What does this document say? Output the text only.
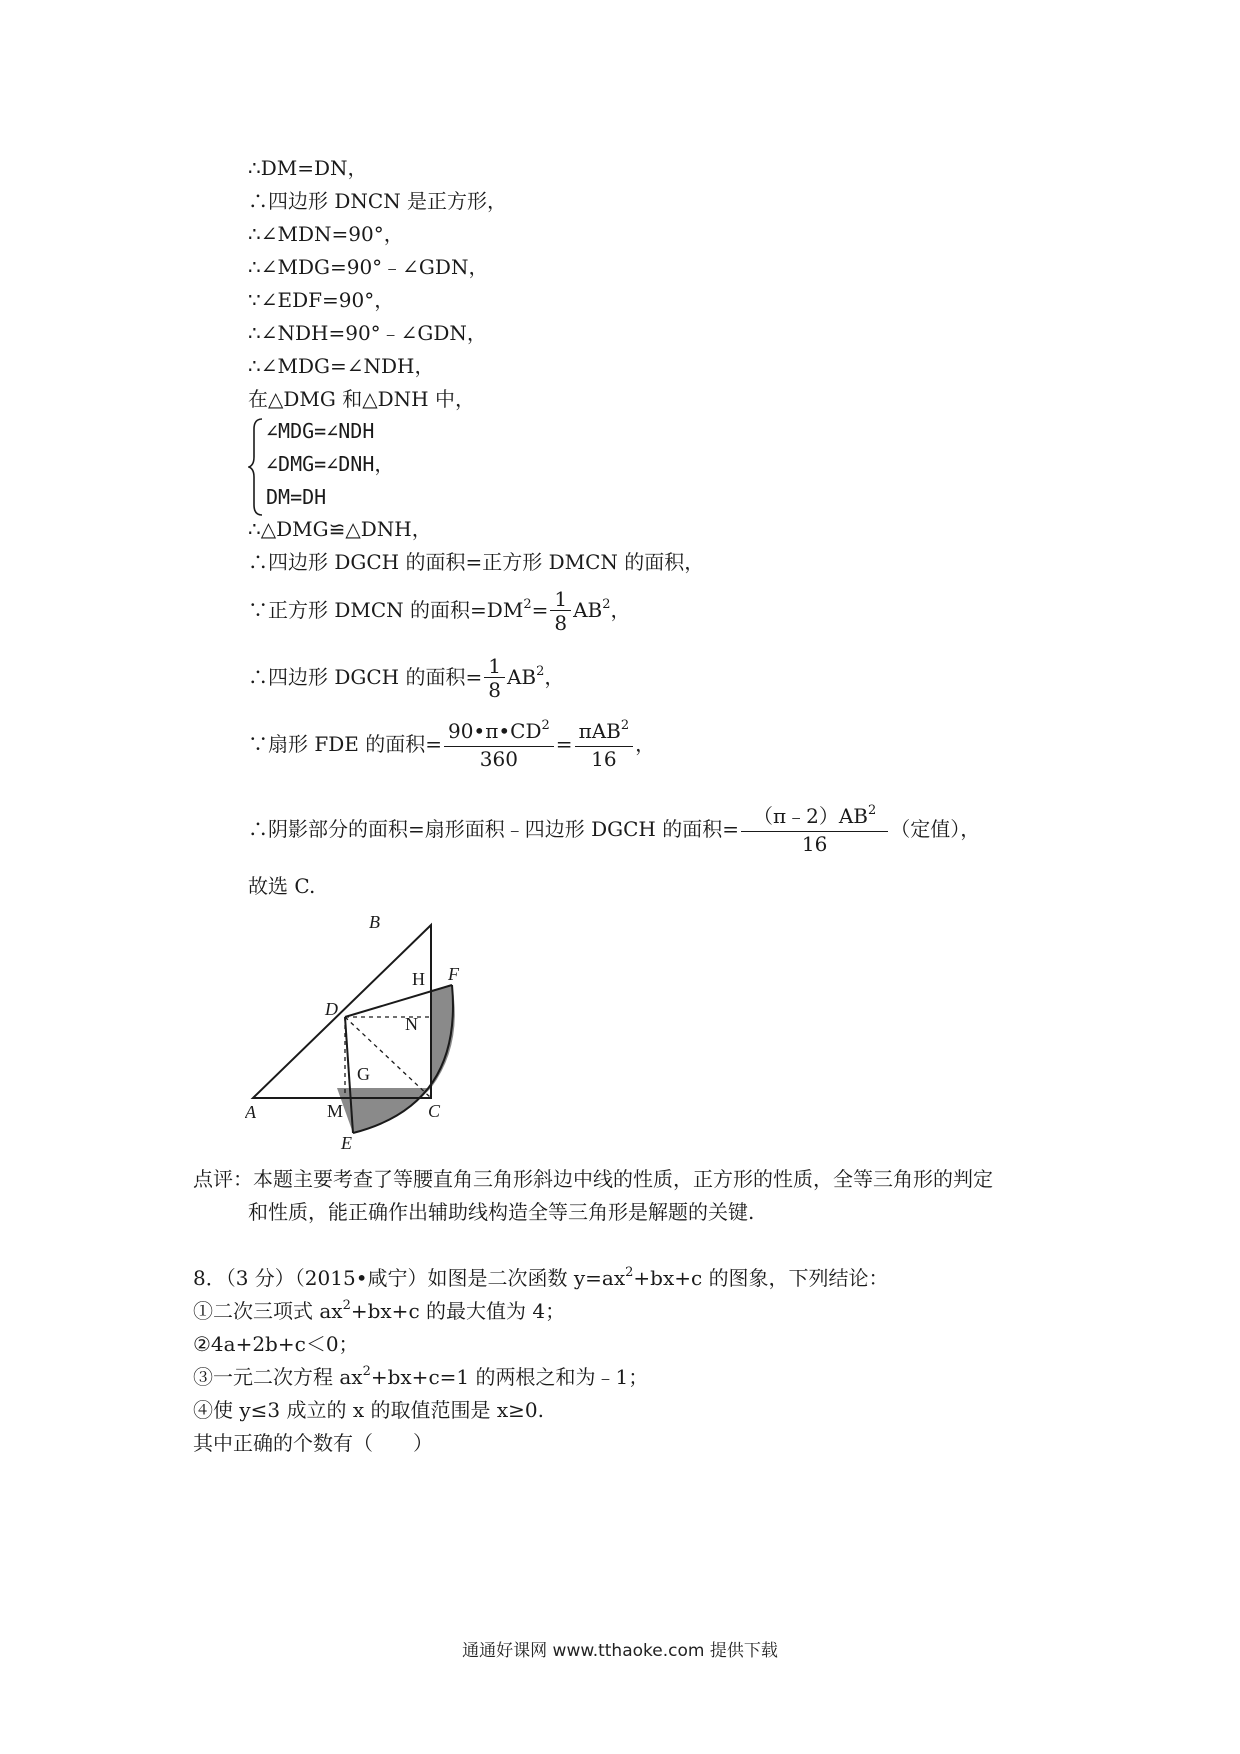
∴DM=DN，
∴四边形 DNCN 是正方形，
∴∠MDN=90°，
∴∠MDG=90°﹣∠GDN，
∵∠EDF=90°，
∴∠NDH=90°﹣∠GDN，
∴∠MDG=∠NDH，
在△DMG 和△DNH 中，
∠MDG=∠NDH
∠DMG=∠DNH，
DM=DH
∴△DMG≌△DNH，
∴四边形 DGCH 的面积=正方形 DMCN 的面积，
∵正方形 DMCN 的面积$=DM^2= \frac{1}{8} AB^2$，
∴四边形 DGCH 的面积= $\frac{1}{8} AB^2$，
∵扇形 FDE 的面积= $\frac{90•\pi•CD^2}{360} = \frac{\pi AB^2}{16}$ ，
∴阴影部分的面积=扇形面积﹣四边形 DGCH 的面积= $\frac{(\pi﹣2)AB^2}{16}$ （定值），
故选 C.
B
H F
D
N
G
A	M	C
E
点评：本题主要考查了等腰直角三角形斜边中线的性质，正方形的性质，全等三角形的判定
和性质，能正确作出辅助线构造全等三角形是解题的关键.
8．（3 分）（2015•咸宁）如图是二次函数 $y=ax^2+bx+c$ 的图象，下列结论：
①二次三项式 $ax^2+bx+c$ 的最大值为 4；
②4a+2b+c＜0；
③一元二次方程 $ax^2+bx+c=1$ 的两根之和为﹣1；
④使 y≤3 成立的 x 的取值范围是 x≥0.
其中正确的个数有（　　）
通通好课网 www.tthaoke.com 提供下载
